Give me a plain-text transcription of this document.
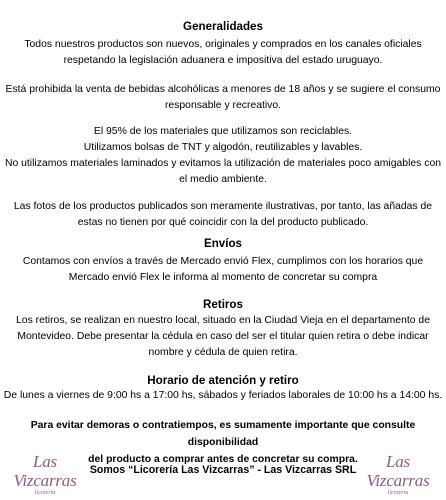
Generalidades
Todos nuestros productos son nuevos, originales y comprados en los canales oficiales
respetando la legislación aduanera e impositiva del estado uruguayo.
Está prohibida la venta de bebidas alcohólicas a menores de 18 años y se sugiere el consumo
responsable y recreativo.
El 95% de los materiales que utilizamos son reciclables.
Utilizamos bolsas de TNT y algodón, reutilizables y lavables.
No utilizamos materiales laminados y evitamos la utilización de materiales poco amigables con
el medio ambiente.
Las fotos de los productos publicados son meramente ilustrativas, por tanto, las añadas de
estas no tienen por qué coincidir con la del producto publicado.
Envíos
Contamos con envíos a través de Mercado envió Flex, cumplimos con los horarios que
Mercado envió Flex le informa al momento de concretar su compra
Retiros
Los retiros, se realizan en nuestro local, situado en la Ciudad Vieja en el departamento de
Montevideo. Debe presentar la cédula en caso del ser el titular quien retira o debe indicar
nombre y cédula de quien retira.
Horario de atención y retiro
De lunes a viernes de 9:00 hs a 17:00 hs, sábados y feriados laborales de 10:00 hs a 14:00 hs.
Para evitar demoras o contratiempos, es sumamente importante que consulte disponibilidad
del producto a comprar antes de concretar su compra.
Las Vizcarras
licorería
Somos “Licorería Las Vizcarras” - Las Vizcarras SRL	Las Vizcarras
licorería
